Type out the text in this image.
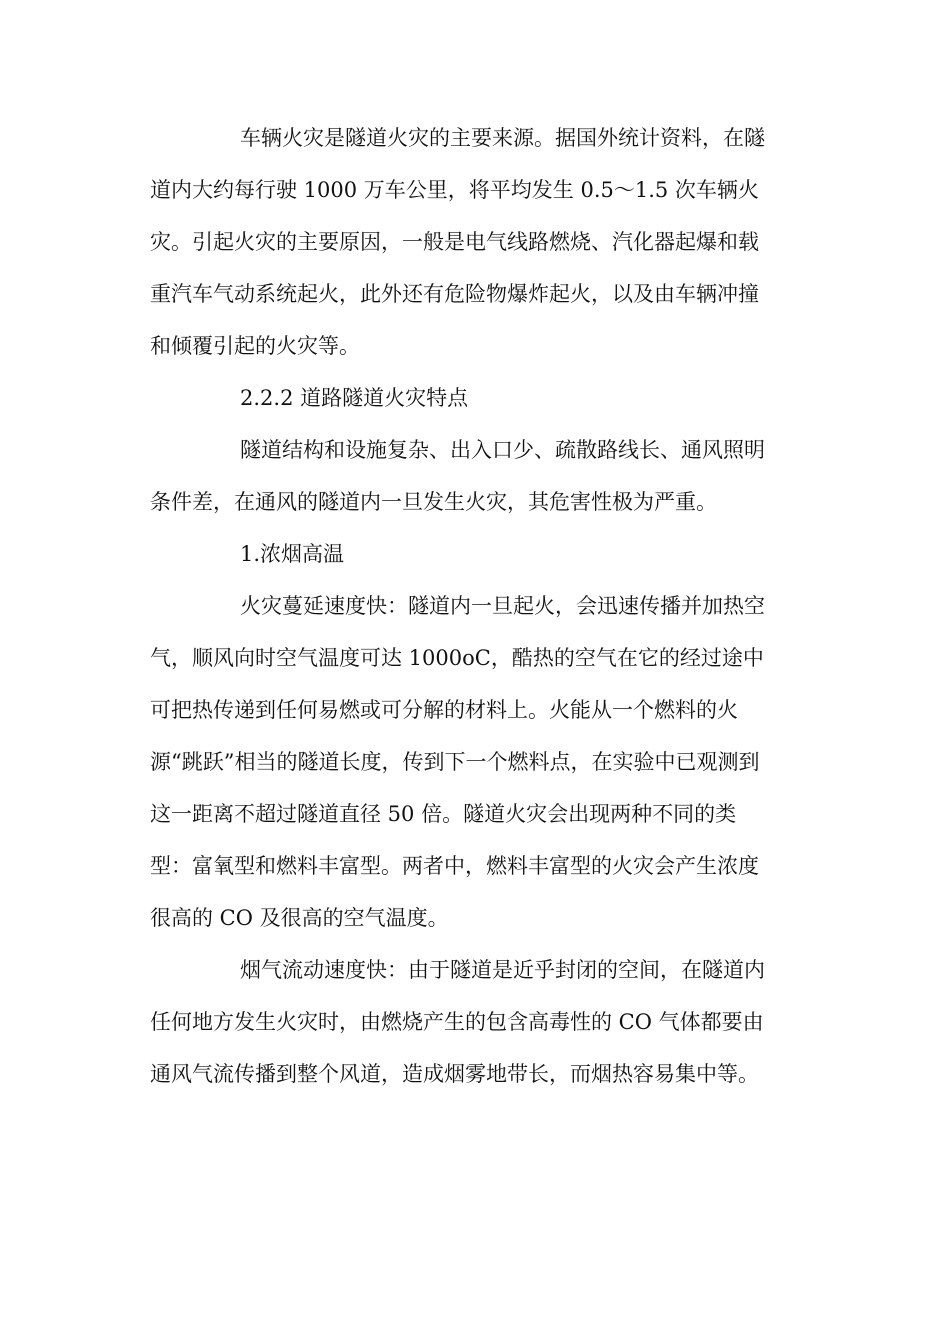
车辆火灾是隧道火灾的主要来源。据国外统计资料，在隧
道内大约每行驶 1000 万车公里，将平均发生 0.5～1.5 次车辆火
灾。引起火灾的主要原因，一般是电气线路燃烧、汽化器起爆和载
重汽车气动系统起火，此外还有危险物爆炸起火，以及由车辆冲撞
和倾覆引起的火灾等。
2.2.2 道路隧道火灾特点
隧道结构和设施复杂、出入口少、疏散路线长、通风照明
条件差，在通风的隧道内一旦发生火灾，其危害性极为严重。
1.浓烟高温
火灾蔓延速度快：隧道内一旦起火，会迅速传播并加热空
气，顺风向时空气温度可达 1000oC，酷热的空气在它的经过途中
可把热传递到任何易燃或可分解的材料上。火能从一个燃料的火
源“跳跃”相当的隧道长度，传到下一个燃料点，在实验中已观测到
这一距离不超过隧道直径 50 倍。隧道火灾会出现两种不同的类
型：富氧型和燃料丰富型。两者中，燃料丰富型的火灾会产生浓度
很高的 CO 及很高的空气温度。
烟气流动速度快：由于隧道是近乎封闭的空间，在隧道内
任何地方发生火灾时，由燃烧产生的包含高毒性的 CO 气体都要由
通风气流传播到整个风道，造成烟雾地带长，而烟热容易集中等。
